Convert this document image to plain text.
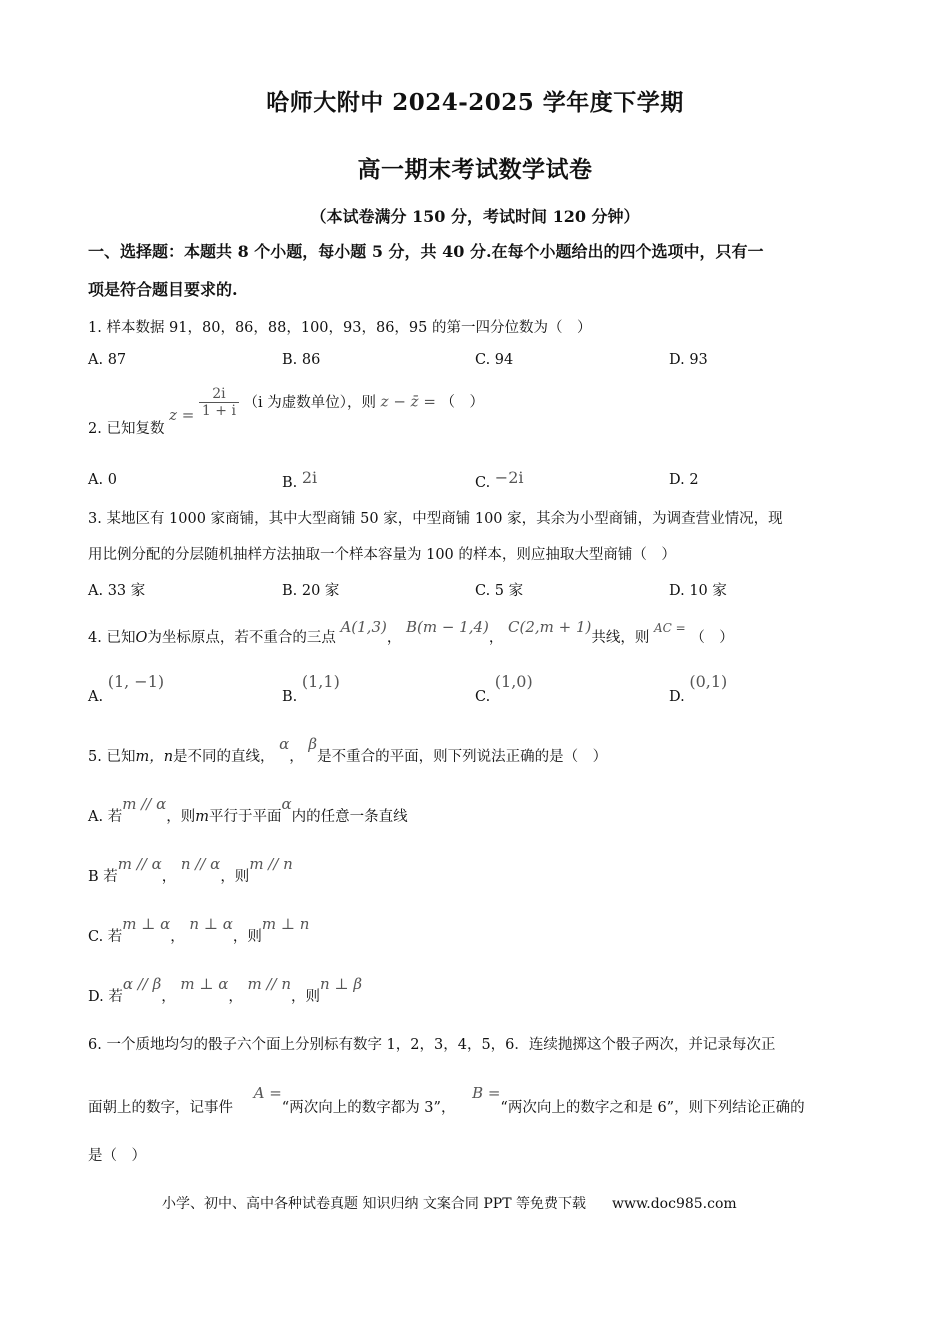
哈师大附中 2024-2025 学年度下学期
高一期末考试数学试卷
（本试卷满分 150 分，考试时间 120 分钟）
一、选择题：本题共 8 个小题，每小题 5 分，共 40 分.在每个小题给出的四个选项中，只有一
项是符合题目要求的.
1. 样本数据 91，80，86，88，100，93，86，95 的第一四分位数为（　）
A. 87	B. 86	C. 94	D. 93
2. 已知复数 $z = \frac{2i}{1 + i} (i$ 为虚数单位），则 z − z̄ = （　）
A. 0	B. 2i	C. −2i	D. 2
3. 某地区有 1000 家商铺，其中大型商铺 50 家，中型商铺 100 家，其余为小型商铺，为调查营业情况，现
用比例分配的分层随机抽样方法抽取一个样本容量为 100 的样本，则应抽取大型商铺（　）
A. 33 家	B. 20 家	C. 5 家	D. 10 家
4. 已知O为坐标原点，若不重合的三点 A(1,3)， B(m − 1,4)， C(2,m + 1)共线，则 AC = （　）
A. (1, −1)
B. (1,1)
C. (1,0)
D. (0,1)
5. 已知m，n是不同的直线， α， β是不重合的平面，则下列说法正确的是（　）
A. 若m // α，则m平行于平面α内的任意一条直线
B 若m // α， n // α，则m // n
C. 若m ⊥ α， n ⊥ α，则m ⊥ n
D. 若α // β， m ⊥ α， m // n，则n ⊥ β
6. 一个质地均匀的骰子六个面上分别标有数字 1，2，3，4，5，6．连续抛掷这个骰子两次，并记录每次正
面朝上的数字，记事件 A =“两次向上的数字都为 3”， B =“两次向上的数字之和是 6”，则下列结论正确的
是（　）
小学、初中、高中各种试卷真题 知识归纳 文案合同 PPT 等免费下载 www.doc985.com
